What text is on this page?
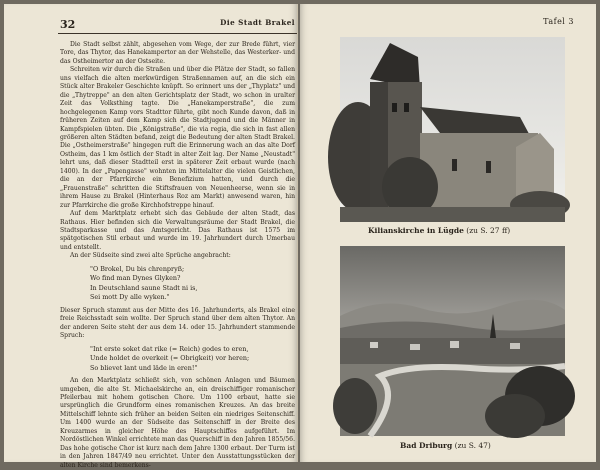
32	Die Stadt Brakel

Die Stadt selbst zählt, abgesehen vom Wege, der zur Brede führt, vier Tore, das Thytor, das Hanekampertor an der Wehstelle, das Westerker- und das Ostheimertor an der Ostseite.

Schreiten wir durch die Straßen und über die Plätze der Stadt, so fallen uns vielfach die alten merkwürdigen Straßennamen auf, an die sich ein Stück alter Brakeler Geschichte knüpft. So erinnert uns der „Thyplatz" und die „Thytreppe" an den alten Gerichtsplatz der Stadt, wo schon in uralter Zeit das Volksthing tagte. Die „Hanekamperstraße", die zum hochgelegenen Kamp vors Stadttor führte, gibt noch Kunde davon, daß in früheren Zeiten auf dem Kamp sich die Stadtjugend und die Männer in Kampfspielen übten. Die „Königstraße", die via regia, die sich in fast allen größeren alten Städten befand, zeigt die Bedeutung der alten Stadt Brakel. Die „Ostheimerstraße" hingegen ruft die Erinnerung wach an das alte Dorf Ostheim, das 1 km östlich der Stadt in alter Zeit lag. Der Name „Neustadt" lehrt uns, daß dieser Stadtteil erst in späterer Zeit erbaut wurde (nach 1400). In der „Papengasse" wohnten im Mittelalter die vielen Geistlichen, die an der Pfarrkirche ein Benefizium hatten, und durch die „Frauenstraße" schritten die Stiftsfrauen von Neuenheerse, wenn sie in ihrem Hause zu Brakel (Hinterhaus Roz am Markt) anwesend waren, hin zur Pfarrkirche die große Kirchhofstreppe hinauf.

Auf dem Marktplatz erhebt sich das Gebäude der alten Stadt, das Rathaus. Hier befinden sich die Verwaltungsräume der Stadt Brakel, die Stadtsparkasse und das Amtsgericht. Das Rathaus ist 1575 im spätgotischen Stil erbaut und wurde im 19. Jahrhundert durch Umerbau und entstellt.

An der Südseite sind zwei alte Sprüche angebracht:

"O Brokel, Du bis chrenpryß;
Wo find man Dynes Glyken?
In Deutschland saune Stadt ni is,
Sei mott Dy alle wyken."

Dieser Spruch stammt aus der Mitte des 16. Jahrhunderts, als Brakel eine freie Reichsstadt sein wollte. Der Spruch stand über dem alten Thytor. An der anderen Seite steht der aus dem 14. oder 15. Jahrhundert stammende Spruch:

"Int erste soket dat rike (= Reich) godes to eren,
Unde holdet de overkeit (= Obrigkeit) vor heren;
So blievet lant und läde in eren!"

An den Marktplatz schließt sich, von schönen Anlagen und Bäumen umgeben, die alte St. Michaelskirche an, ein dreischiffiger romanischer Pfeilerbau mit hohem gotischen Chore. Um 1100 erbaut, hatte sie ursprünglich die Grundform eines romanischen Kreuzes. An das breite Mittelschiff lehnte sich früher an beiden Seiten ein niedriges Seitenschiff. Um 1400 wurde an der Südseite das Seitenschiff in der Breite des Kreuzarmes in gleicher Höhe des Hauptschiffes aufgeführt. Im Nordöstlichen Winkel errichtete man das Querschiff in den Jahren 1855/56. Das hohe gotische Chor ist kurz nach dem Jahre 1300 erbaut. Der Turm ist in den Jahren 1847/49 neu errichtet. Unter den Ausstattungsstücken der alten Kirche sind bemerkens-

Tafel 3
Kilianskirche in Lügde (zu S. 27 ff)
Bad Driburg (zu S. 47)
